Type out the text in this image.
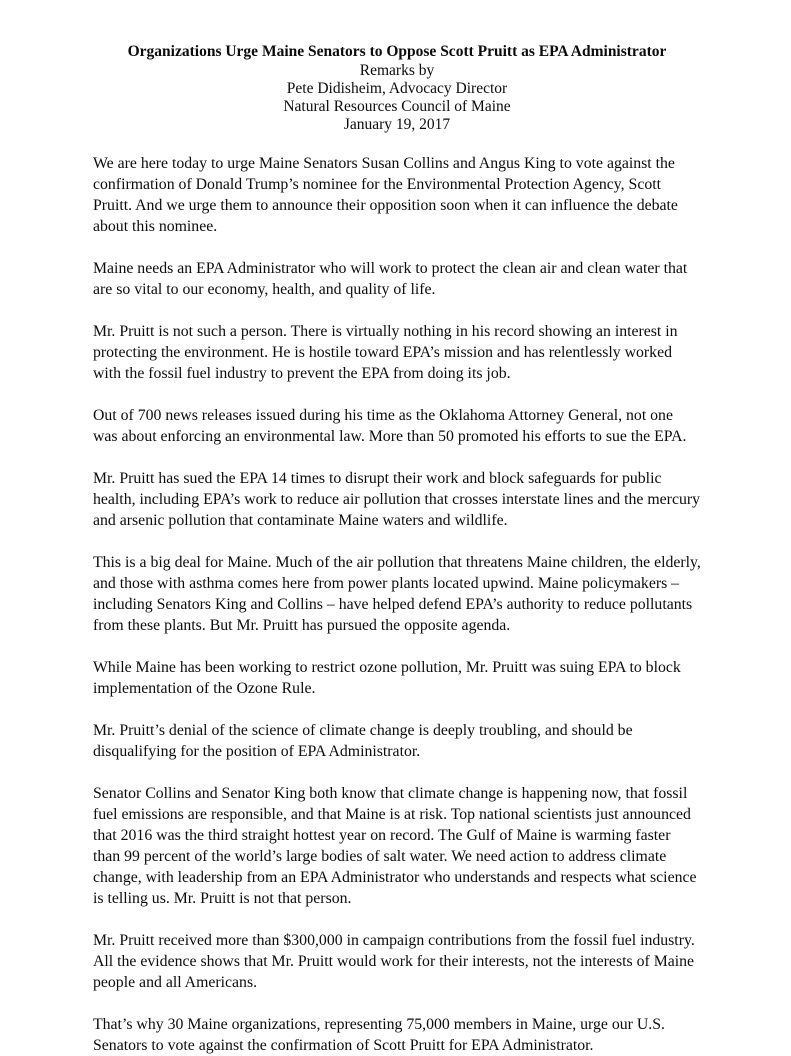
Organizations Urge Maine Senators to Oppose Scott Pruitt as EPA Administrator

Remarks by

Pete Didisheim, Advocacy Director

Natural Resources Council of Maine

January 19, 2017

We are here today to urge Maine Senators Susan Collins and Angus King to vote against the confirmation of Donald Trump’s nominee for the Environmental Protection Agency, Scott Pruitt. And we urge them to announce their opposition soon when it can influence the debate about this nominee.

Maine needs an EPA Administrator who will work to protect the clean air and clean water that are so vital to our economy, health, and quality of life.

Mr. Pruitt is not such a person. There is virtually nothing in his record showing an interest in protecting the environment. He is hostile toward EPA’s mission and has relentlessly worked with the fossil fuel industry to prevent the EPA from doing its job.

Out of 700 news releases issued during his time as the Oklahoma Attorney General, not one was about enforcing an environmental law. More than 50 promoted his efforts to sue the EPA.

Mr. Pruitt has sued the EPA 14 times to disrupt their work and block safeguards for public health, including EPA’s work to reduce air pollution that crosses interstate lines and the mercury and arsenic pollution that contaminate Maine waters and wildlife.

This is a big deal for Maine. Much of the air pollution that threatens Maine children, the elderly, and those with asthma comes here from power plants located upwind. Maine policymakers – including Senators King and Collins – have helped defend EPA’s authority to reduce pollutants from these plants. But Mr. Pruitt has pursued the opposite agenda.

While Maine has been working to restrict ozone pollution, Mr. Pruitt was suing EPA to block implementation of the Ozone Rule.

Mr. Pruitt’s denial of the science of climate change is deeply troubling, and should be disqualifying for the position of EPA Administrator.

Senator Collins and Senator King both know that climate change is happening now, that fossil fuel emissions are responsible, and that Maine is at risk. Top national scientists just announced that 2016 was the third straight hottest year on record. The Gulf of Maine is warming faster than 99 percent of the world’s large bodies of salt water. We need action to address climate change, with leadership from an EPA Administrator who understands and respects what science is telling us. Mr. Pruitt is not that person.

Mr. Pruitt received more than $300,000 in campaign contributions from the fossil fuel industry. All the evidence shows that Mr. Pruitt would work for their interests, not the interests of Maine people and all Americans.

That’s why 30 Maine organizations, representing 75,000 members in Maine, urge our U.S. Senators to vote against the confirmation of Scott Pruitt for EPA Administrator.
